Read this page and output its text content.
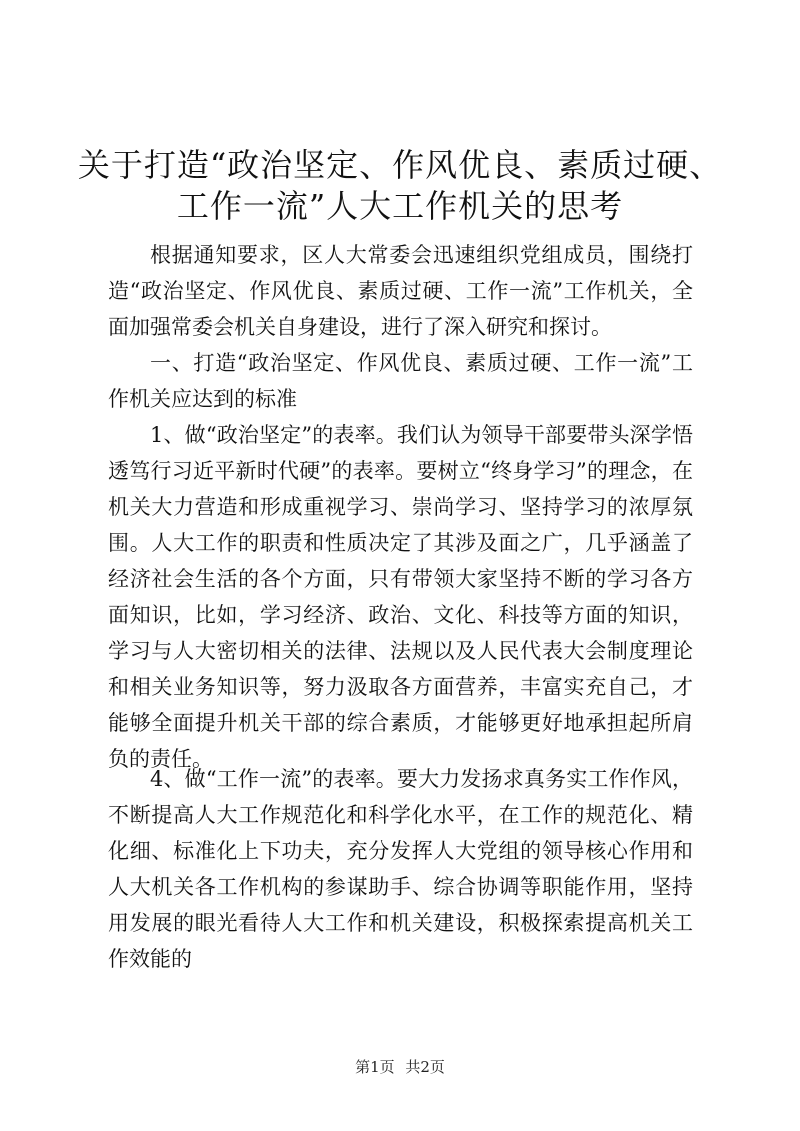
关于打造“政治坚定、作风优良、素质过硬、
工作一流”人大工作机关的思考

根据通知要求，区人大常委会迅速组织党组成员，围绕打造“政治坚定、作风优良、素质过硬、工作一流”工作机关，全面加强常委会机关自身建设，进行了深入研究和探讨。

一、打造“政治坚定、作风优良、素质过硬、工作一流”工作机关应达到的标准

1、做“政治坚定”的表率。我们认为领导干部要带头深学悟透笃行习近平新时代硬”的表率。要树立“终身学习”的理念，在机关大力营造和形成重视学习、崇尚学习、坚持学习的浓厚氛围。人大工作的职责和性质决定了其涉及面之广，几乎涵盖了经济社会生活的各个方面，只有带领大家坚持不断的学习各方面知识，比如，学习经济、政治、文化、科技等方面的知识，学习与人大密切相关的法律、法规以及人民代表大会制度理论和相关业务知识等，努力汲取各方面营养，丰富实充自己，才能够全面提升机关干部的综合素质，才能够更好地承担起所肩负的责任。

4、做“工作一流”的表率。要大力发扬求真务实工作作风，不断提高人大工作规范化和科学化水平，在工作的规范化、精化细、标准化上下功夫，充分发挥人大党组的领导核心作用和人大机关各工作机构的参谋助手、综合协调等职能作用，坚持用发展的眼光看待人大工作和机关建设，积极探索提高机关工作效能的

第1页 共2页
